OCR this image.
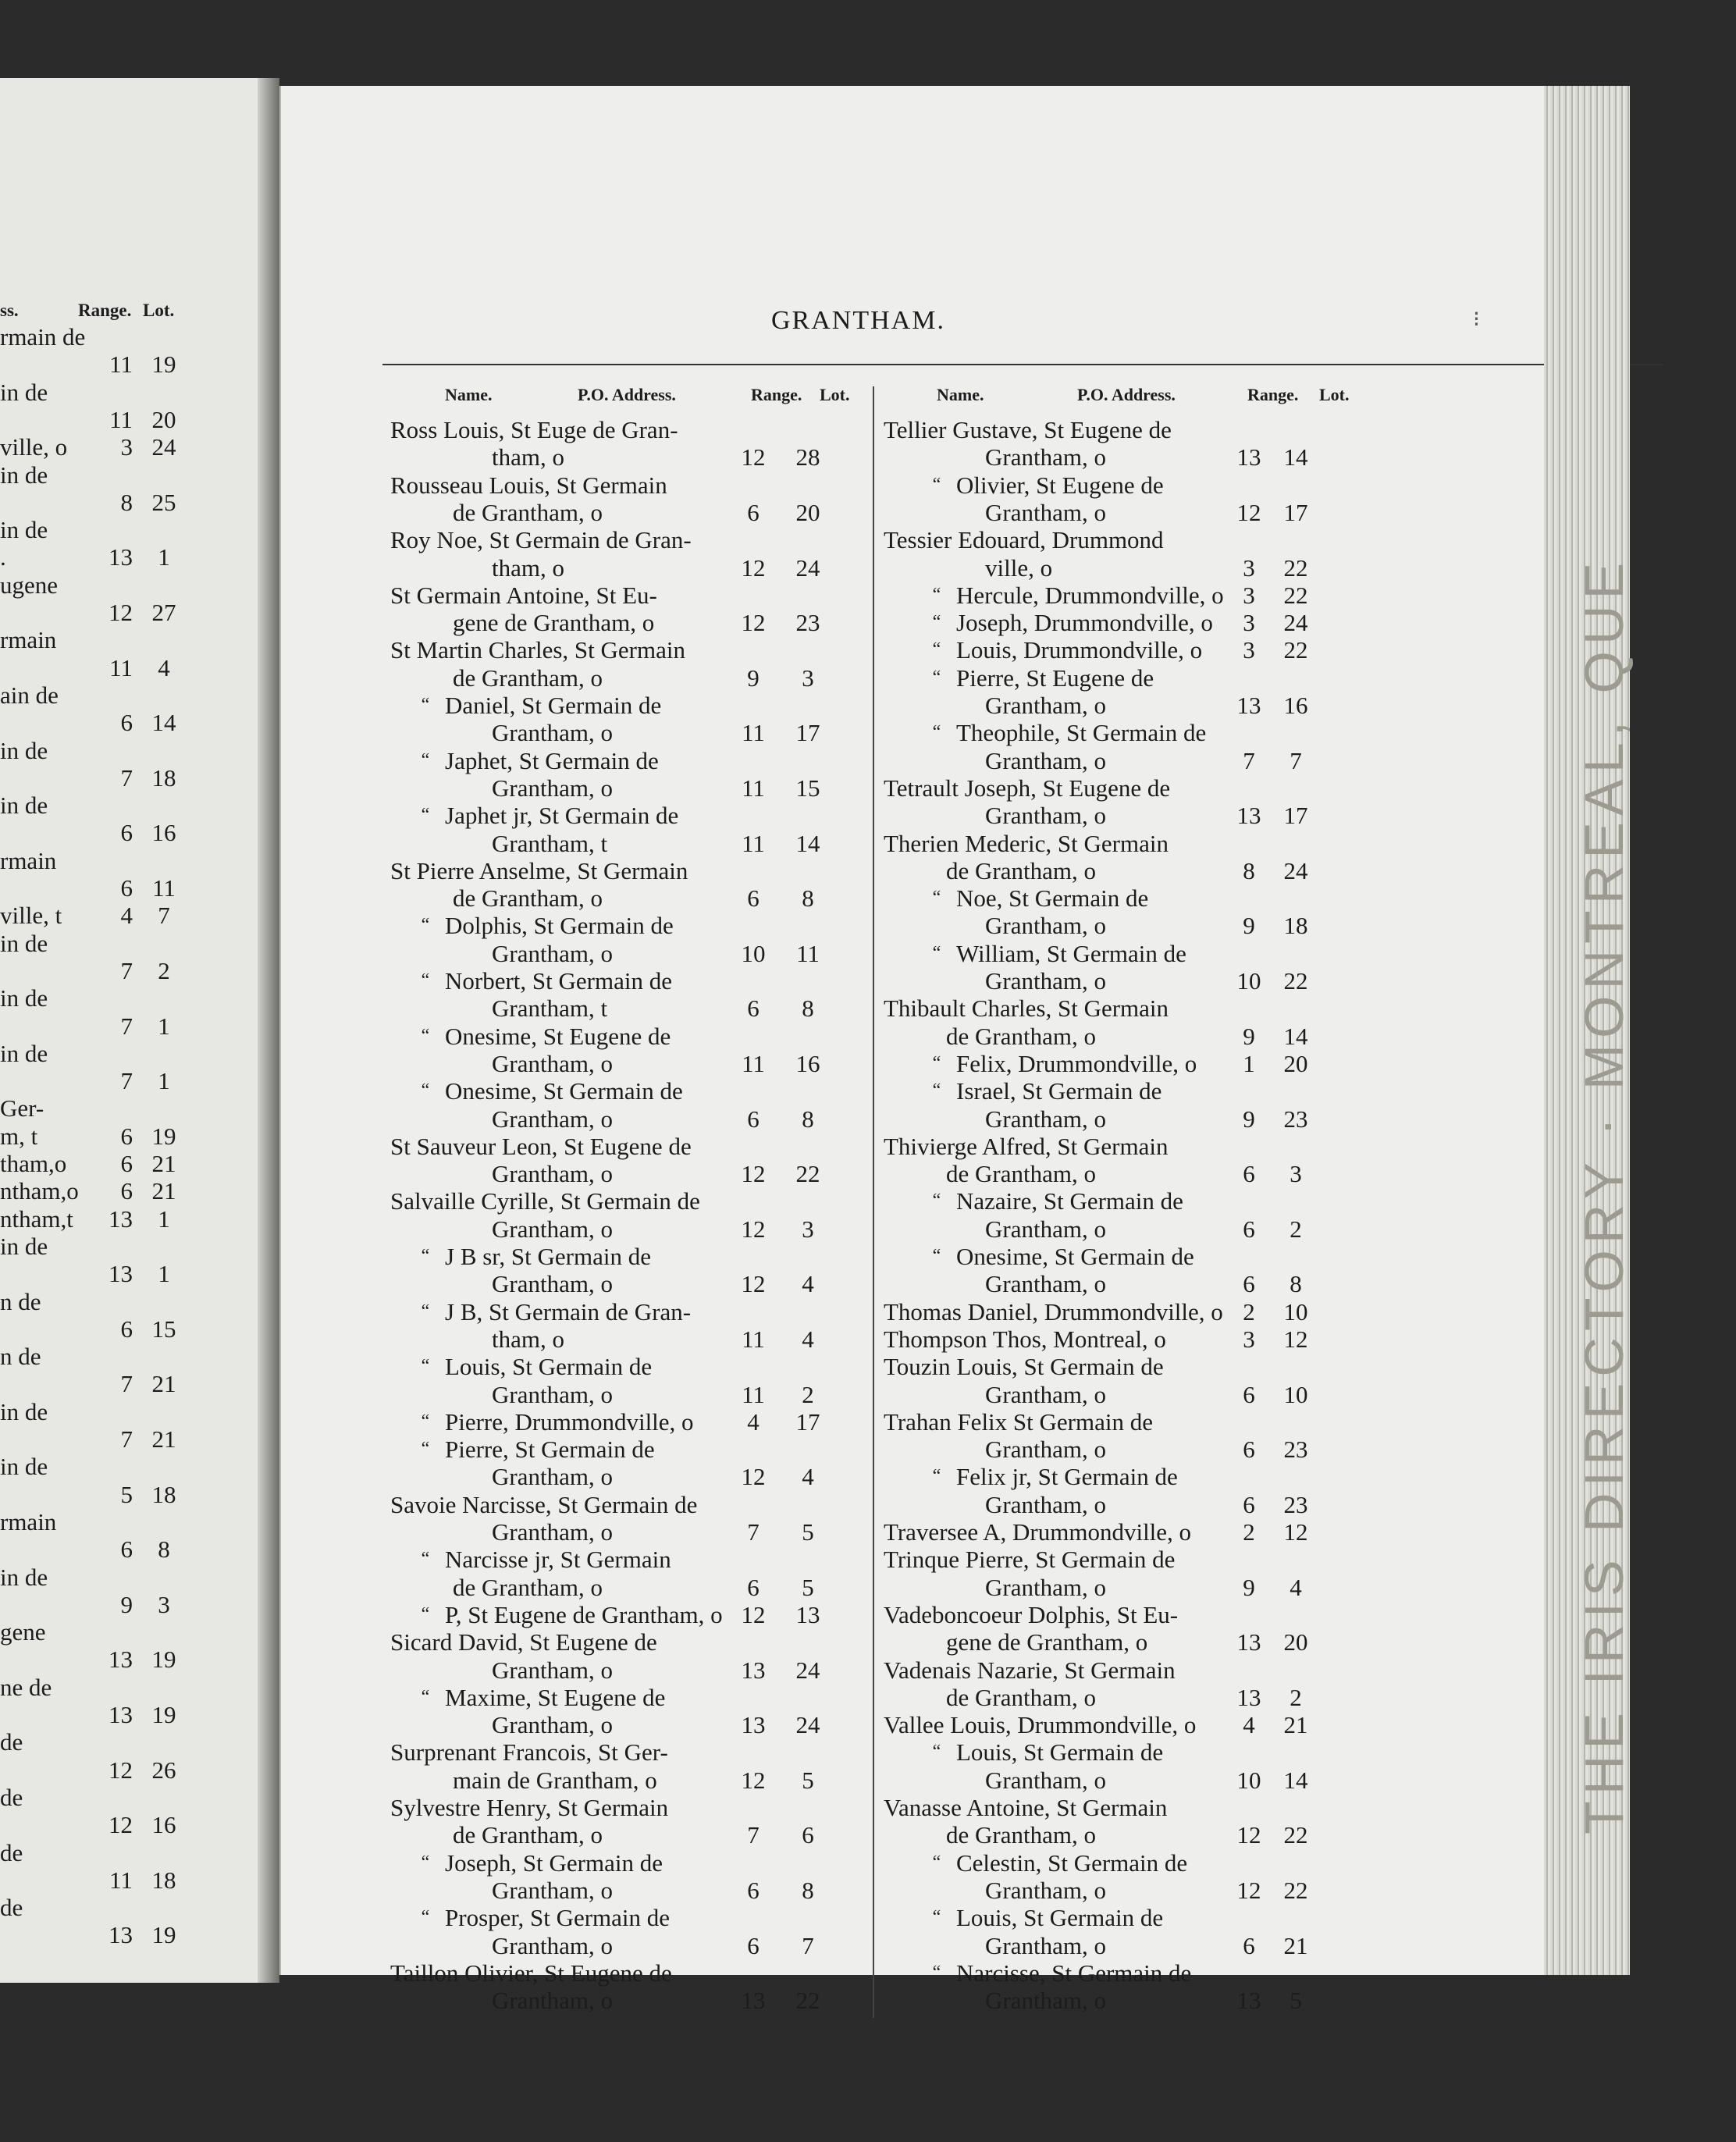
ss.	Range. Lot.
rmain de
11 19
in de
11 20
ville, o	3 24
in de
8 25
in de
.	13	1
ugene
12 27
rmain
11	4
ain de
6 14
in de
7 18
in de
6 16
rmain
6 11
ville, t	4	7
in de
7	2
in de
7	1
in de
7	1
Ger-
m, t	6 19
tham,o	6 21
ntham,o	6 21
ntham,t	13	1
in de
13	1
n de
6 15
n de
7 21
in de
7 21
in de
5 18
rmain
6	8
in de
9	3
gene
13 19
ne de
13 19
de
12 26
de
12 16
de
11 18
de
13 19
GRANTHAM.	⁝
Name.	P.O. Address.	Range. Lot.	Name.	P.O. Address.	Range. Lot.
Ross Louis, St Euge de Gran-
tham, o	12	28
Rousseau Louis, St Germain
de Grantham, o	6	20
Roy Noe, St Germain de Gran-
tham, o	12	24
St Germain Antoine, St Eu-
gene de Grantham, o	12	23
St Martin Charles, St Germain
de Grantham, o	9	3
“ Daniel, St Germain de
Grantham, o	11	17
“ Japhet, St Germain de
Grantham, o	11	15
“ Japhet jr, St Germain de
Grantham, t	11	14
St Pierre Anselme, St Germain
de Grantham, o	6	8
“ Dolphis, St Germain de
Grantham, o	10	11
“ Norbert, St Germain de
Grantham, t	6	8
“ Onesime, St Eugene de
Grantham, o	11	16
“ Onesime, St Germain de
Grantham, o	6	8
St Sauveur Leon, St Eugene de
Grantham, o	12	22
Salvaille Cyrille, St Germain de
Grantham, o	12	3
“ J B sr, St Germain de
Grantham, o	12	4
“ J B, St Germain de Gran-
tham, o	11	4
“ Louis, St Germain de
Grantham, o	11	2
“ Pierre, Drummondville, o	4	17
“ Pierre, St Germain de
Grantham, o	12	4
Savoie Narcisse, St Germain de
Grantham, o	7	5
“ Narcisse jr, St Germain
de Grantham, o	6	5
“ P, St Eugene de Grantham, o 12	13
Sicard David, St Eugene de
Grantham, o	13	24
“ Maxime, St Eugene de
Grantham, o	13	24
Surprenant Francois, St Ger-
main de Grantham, o	12	5
Sylvestre Henry, St Germain
de Grantham, o	7	6
“ Joseph, St Germain de
Grantham, o	6	8
“ Prosper, St Germain de
Grantham, o	6	7
Taillon Olivier, St Eugene de
Grantham, o	13	22
Tellier Gustave, St Eugene de
Grantham, o	13 14
“ Olivier, St Eugene de
Grantham, o	12 17
Tessier Edouard, Drummond
ville, o	3	22
“ Hercule, Drummondville, o 3	22
“ Joseph, Drummondville, o	3	24
“ Louis, Drummondville, o	3	22
“ Pierre, St Eugene de
Grantham, o	13 16
“ Theophile, St Germain de
Grantham, o	7	7
Tetrault Joseph, St Eugene de
Grantham, o	13 17
Therien Mederic, St Germain
de Grantham, o	8	24
“ Noe, St Germain de
Grantham, o	9	18
“ William, St Germain de
Grantham, o	10 22
Thibault Charles, St Germain
de Grantham, o	9	14
“ Felix, Drummondville, o	1	20
“ Israel, St Germain de
Grantham, o	9	23
Thivierge Alfred, St Germain
de Grantham, o	6	3
“ Nazaire, St Germain de
Grantham, o	6	2
“ Onesime, St Germain de
Grantham, o	6	8
Thomas Daniel, Drummondville, o 2	10
Thompson Thos, Montreal, o	3	12
Touzin Louis, St Germain de
Grantham, o	6	10
Trahan Felix St Germain de
Grantham, o	6	23
“ Felix jr, St Germain de
Grantham, o	6	23
Traversee A, Drummondville, o	2	12
Trinque Pierre, St Germain de
Grantham, o	9	4
Vadeboncoeur Dolphis, St Eu-
gene de Grantham, o	13 20
Vadenais Nazarie, St Germain
de Grantham, o	13	2
Vallee Louis, Drummondville, o	4	21
“ Louis, St Germain de
Grantham, o	10 14
Vanasse Antoine, St Germain
de Grantham, o	12 22
“ Celestin, St Germain de
Grantham, o	12 22
“ Louis, St Germain de
Grantham, o	6	21
“ Narcisse, St Germain de
Grantham, o	13	5
THE IRIS DIRECTORY · MONTREAL, QUE
